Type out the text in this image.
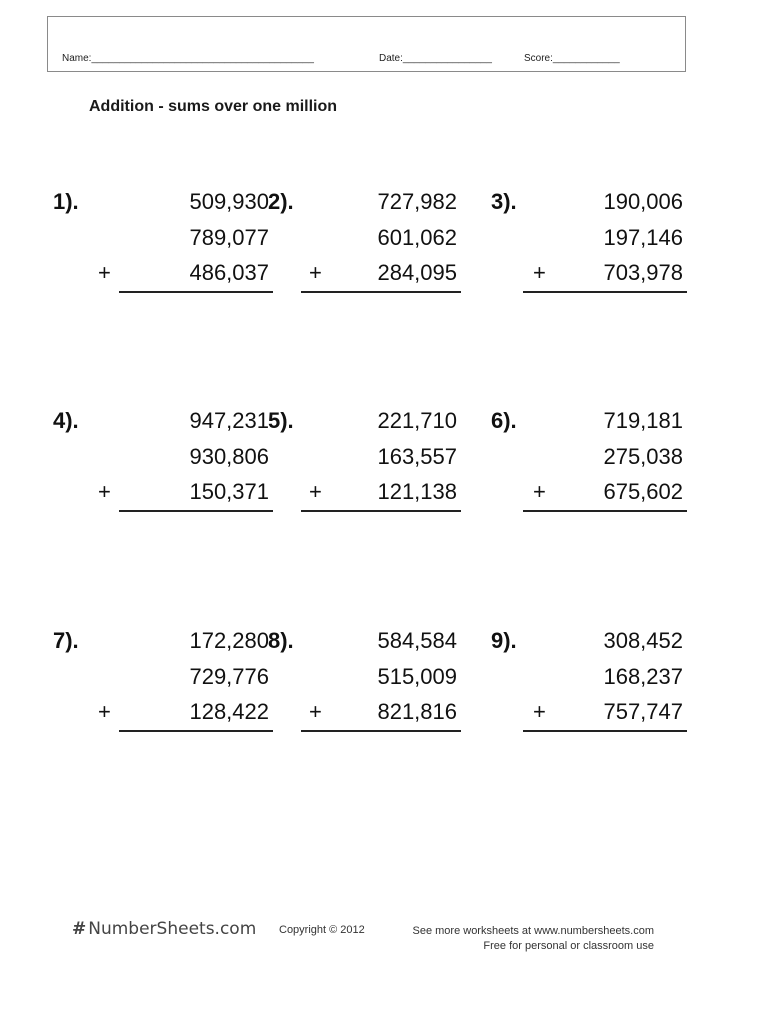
Name:________________________________________	Date:________________	Score:____________
Addition - sums over one million
1).	509,930
789,077
+	486,037
2).	727,982
601,062
+	284,095
3).	190,006
197,146
+	703,978
4).	947,231
930,806
+	150,371
5).	221,710
163,557
+	121,138
6).	719,181
275,038
+	675,602
7).	172,280
729,776
+	128,422
8).	584,584
515,009
+	821,816
9).	308,452
168,237
+	757,747
# NumberSheets.com Copyright © 2012	See more worksheets at www.numbersheets.com
Free for personal or classroom use
